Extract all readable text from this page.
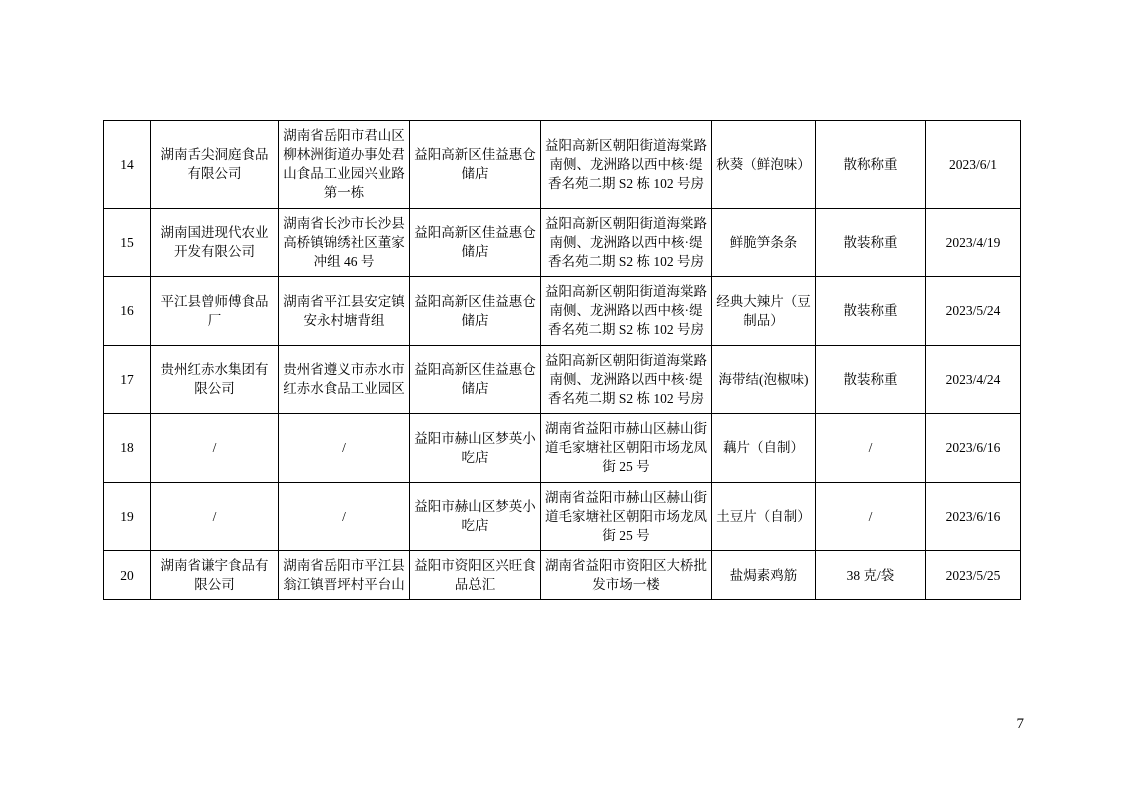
14	湖南舌尖洞庭食品有限公司	湖南省岳阳市君山区柳林洲街道办事处君山食品工业园兴业路第一栋	益阳高新区佳益惠仓储店	益阳高新区朝阳街道海棠路南侧、龙洲路以西中核·缇香名苑二期 S2 栋 102 号房	秋葵（鲜泡味）	散称称重	2023/6/1
15	湖南国进现代农业开发有限公司	湖南省长沙市长沙县高桥镇锦绣社区董家冲组 46 号	益阳高新区佳益惠仓储店	益阳高新区朝阳街道海棠路南侧、龙洲路以西中核·缇香名苑二期 S2 栋 102 号房	鲜脆笋条条	散装称重	2023/4/19
16	平江县曾师傅食品厂	湖南省平江县安定镇安永村塘背组	益阳高新区佳益惠仓储店	益阳高新区朝阳街道海棠路南侧、龙洲路以西中核·缇香名苑二期 S2 栋 102 号房	经典大辣片（豆制品）	散装称重	2023/5/24
17	贵州红赤水集团有限公司	贵州省遵义市赤水市红赤水食品工业园区	益阳高新区佳益惠仓储店	益阳高新区朝阳街道海棠路南侧、龙洲路以西中核·缇香名苑二期 S2 栋 102 号房	海带结(泡椒味)	散装称重	2023/4/24
18	/	/	益阳市赫山区梦英小吃店	湖南省益阳市赫山区赫山街道毛家塘社区朝阳市场龙凤街 25 号	藕片（自制）	/	2023/6/16
19	/	/	益阳市赫山区梦英小吃店	湖南省益阳市赫山区赫山街道毛家塘社区朝阳市场龙凤街 25 号	土豆片（自制）	/	2023/6/16
20	湖南省谦宇食品有限公司	湖南省岳阳市平江县翁江镇晋坪村平台山	益阳市资阳区兴旺食品总汇	湖南省益阳市资阳区大桥批发市场一楼	盐焗素鸡筋	38 克/袋	2023/5/25
7
